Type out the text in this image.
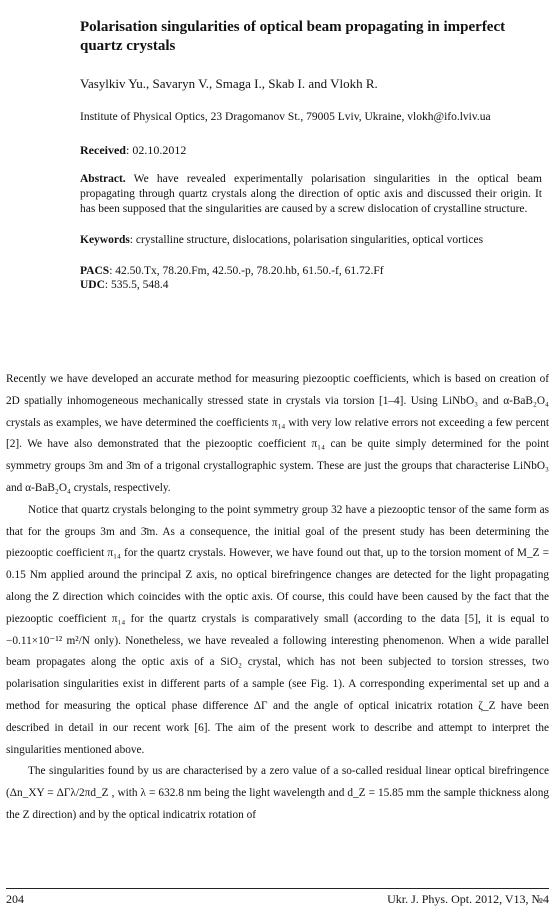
Polarisation singularities of optical beam propagating in imperfect quartz crystals

Vasylkiv Yu., Savaryn V., Smaga I., Skab I. and Vlokh R.

Institute of Physical Optics, 23 Dragomanov St., 79005 Lviv, Ukraine, vlokh@ifo.lviv.ua

Received: 02.10.2012

Abstract. We have revealed experimentally polarisation singularities in the optical beam propagating through quartz crystals along the direction of optic axis and discussed their origin. It has been supposed that the singularities are caused by a screw dislocation of crystalline structure.

Keywords: crystalline structure, dislocations, polarisation singularities, optical vortices

PACS: 42.50.Tx, 78.20.Fm, 42.50.-p, 78.20.hb, 61.50.-f, 61.72.Ff
UDC: 535.5, 548.4

Recently we have developed an accurate method for measuring piezooptic coefficients, which is based on creation of 2D spatially inhomogeneous mechanically stressed state in crystals via torsion [1–4]. Using LiNbO₃ and α-BaB₂O₄ crystals as examples, we have determined the coefficients π₁₄ with very low relative errors not exceeding a few percent [2]. We have also demonstrated that the piezooptic coefficient π₁₄ can be quite simply determined for the point symmetry groups 3m and 3̄m of a trigonal crystallographic system. These are just the groups that characterise LiNbO₃ and α-BaB₂O₄ crystals, respectively.

Notice that quartz crystals belonging to the point symmetry group 32 have a piezooptic tensor of the same form as that for the groups 3m and 3̄m. As a consequence, the initial goal of the present study has been determining the piezooptic coefficient π₁₄ for the quartz crystals. However, we have found out that, up to the torsion moment of M_Z = 0.15 Nm applied around the principal Z axis, no optical birefringence changes are detected for the light propagating along the Z direction which coincides with the optic axis. Of course, this could have been caused by the fact that the piezooptic coefficient π₁₄ for the quartz crystals is comparatively small (according to the data [5], it is equal to −0.11×10⁻¹² m²/N only). Nonetheless, we have revealed a following interesting phenomenon. When a wide parallel beam propagates along the optic axis of a SiO₂ crystal, which has not been subjected to torsion stresses, two polarisation singularities exist in different parts of a sample (see Fig. 1). A corresponding experimental set up and a method for measuring the optical phase difference ΔΓ and the angle of optical inicatrix rotation ζ_Z have been described in detail in our recent work [6]. The aim of the present work to describe and attempt to interpret the singularities mentioned above.

The singularities found by us are characterised by a zero value of a so-called residual linear optical birefringence (Δn_XY = ΔΓλ/2πd_Z , with λ = 632.8 nm being the light wavelength and d_Z = 15.85 mm the sample thickness along the Z direction) and by the optical indicatrix rotation of

204	Ukr. J. Phys. Opt. 2012, V13, №4
